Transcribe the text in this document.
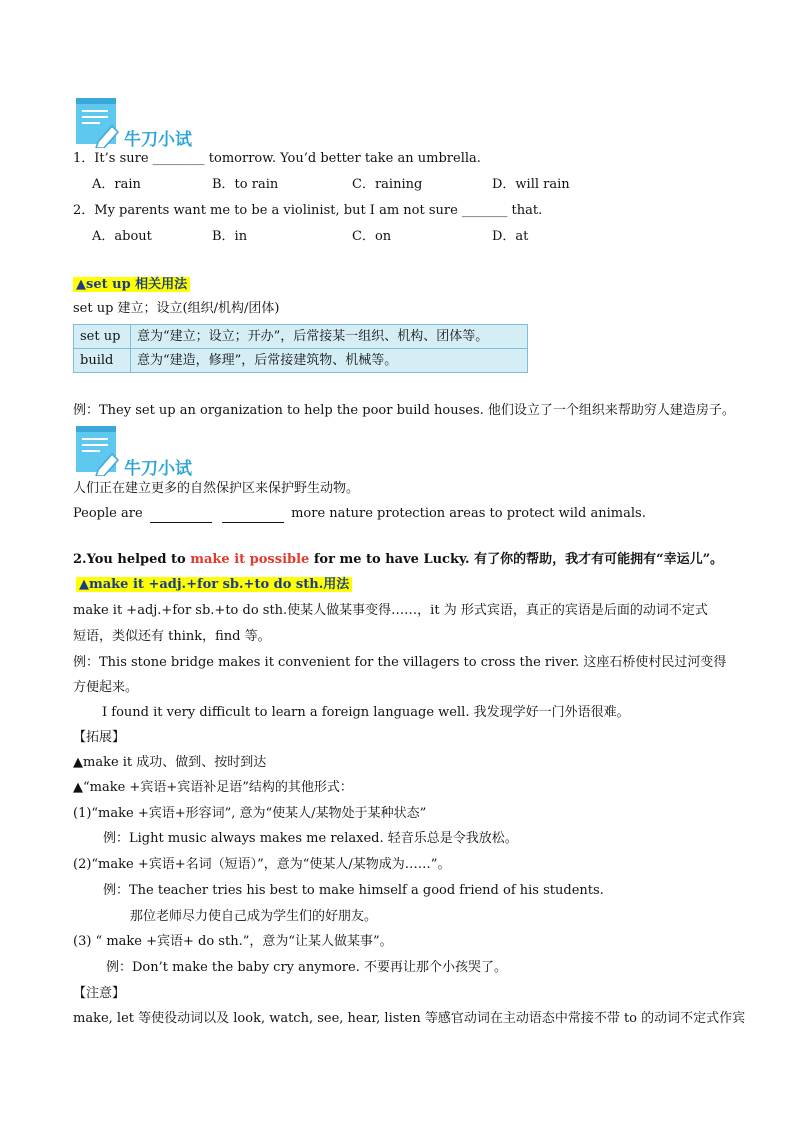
牛刀小试
1．It’s sure ________ tomorrow. You’d better take an umbrella.
A．rain	B．to rain	C．raining	D．will rain
2．My parents want me to be a violinist, but I am not sure _______ that.
A．about	B．in	C．on	D．at
▲set up 相关用法
set up 建立；设立(组织/机构/团体)
set up	意为“建立；设立；开办”，后常接某一组织、机构、团体等。
build	意为“建造，修理”，后常接建筑物、机械等。
例：They set up an organization to help the poor build houses. 他们设立了一个组织来帮助穷人建造房子。
牛刀小试
人们正在建立更多的自然保护区来保护野生动物。
People are	more nature protection areas to protect wild animals.
2.You helped to make it possible for me to have Lucky. 有了你的帮助，我才有可能拥有“幸运儿”。
▲make it +adj.+for sb.+to do sth.用法
make it +adj.+for sb.+to do sth.使某人做某事变得……，it 为 形式宾语，真正的宾语是后面的动词不定式
短语，类似还有 think，find 等。
例：This stone bridge makes it convenient for the villagers to cross the river. 这座石桥使村民过河变得
方便起来。
I found it very difficult to learn a foreign language well. 我发现学好一门外语很难。
【拓展】
▲make it 成功、做到、按时到达
▲“make +宾语+宾语补足语”结构的其他形式：
(1)“make +宾语+形容词”, 意为“使某人/某物处于某种状态”
例：Light music always makes me relaxed. 轻音乐总是令我放松。
(2)“make +宾语+名词（短语）”，意为“使某人/某物成为……”。
例：The teacher tries his best to make himself a good friend of his students.
那位老师尽力使自己成为学生们的好朋友。
(3) “ make +宾语+ do sth.”，意为“让某人做某事”。
例：Don’t make the baby cry anymore. 不要再让那个小孩哭了。
【注意】
make, let 等使役动词以及 look, watch, see, hear, listen 等感官动词在主动语态中常接不带 to 的动词不定式作宾
